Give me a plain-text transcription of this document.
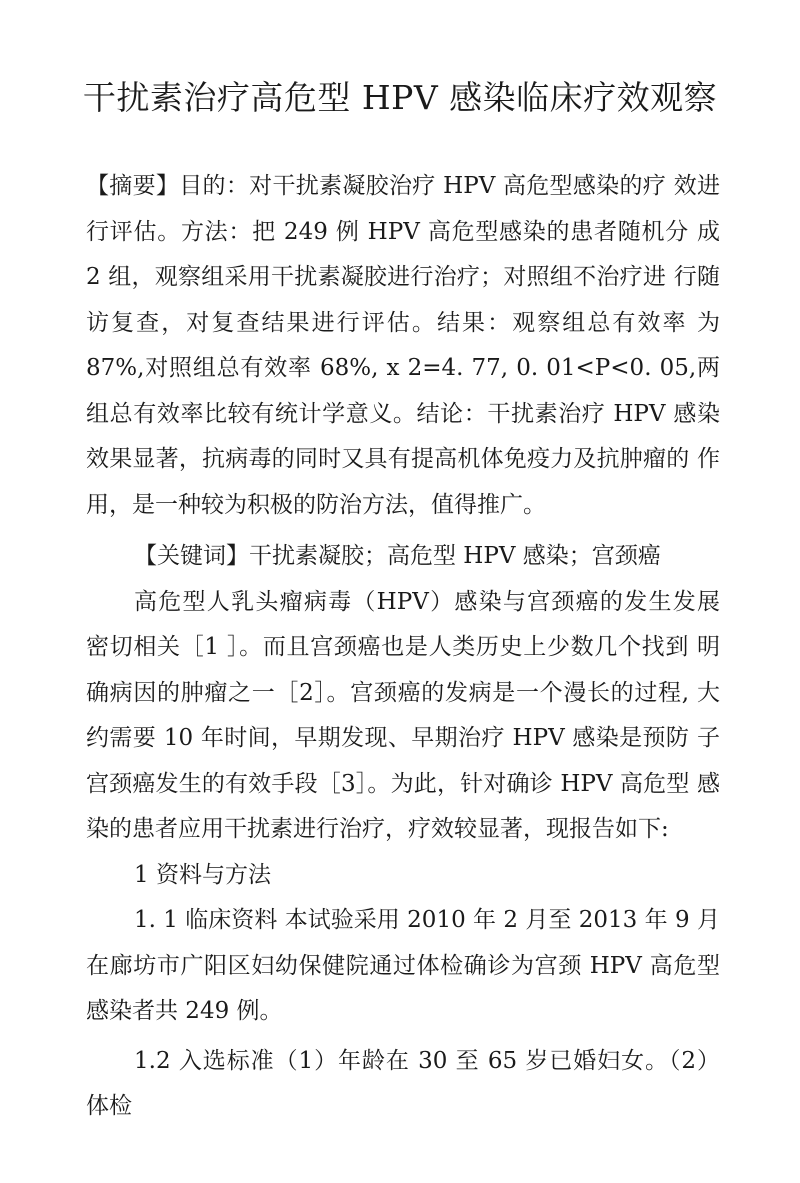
干扰素治疗高危型 HPV 感染临床疗效观察

【摘要】目的：对干扰素凝胶治疗 HPV 高危型感染的疗 效进行评估。方法：把 249 例 HPV 高危型感染的患者随机分 成 2 组，观察组采用干扰素凝胶进行治疗；对照组不治疗进 行随访复查，对复查结果进行评估。结果：观察组总有效率 为 87%,对照组总有效率 68%, x 2=4. 77, 0. 01<P<0. 05,两 组总有效率比较有统计学意义。结论：干扰素治疗 HPV 感染 效果显著，抗病毒的同时又具有提高机体免疫力及抗肿瘤的 作用，是一种较为积极的防治方法，值得推广。

【关键词】干扰素凝胶；高危型 HPV 感染；宫颈癌

高危型人乳头瘤病毒（HPV）感染与宫颈癌的发生发展 密切相关［1 ］。而且宫颈癌也是人类历史上少数几个找到 明确病因的肿瘤之一［2］。宫颈癌的发病是一个漫长的过程, 大约需要 10 年时间，早期发现、早期治疗 HPV 感染是预防 子宫颈癌发生的有效手段［3］。为此，针对确诊 HPV 高危型 感染的患者应用干扰素进行治疗，疗效较显著，现报告如下:

1 资料与方法

1. 1 临床资料 本试验采用 2010 年 2 月至 2013 年 9 月 在廊坊市广阳区妇幼保健院通过体检确诊为宫颈 HPV 高危型 感染者共 249 例。

1.2 入选标准（1）年龄在 30 至 65 岁已婚妇女。（2） 体检
